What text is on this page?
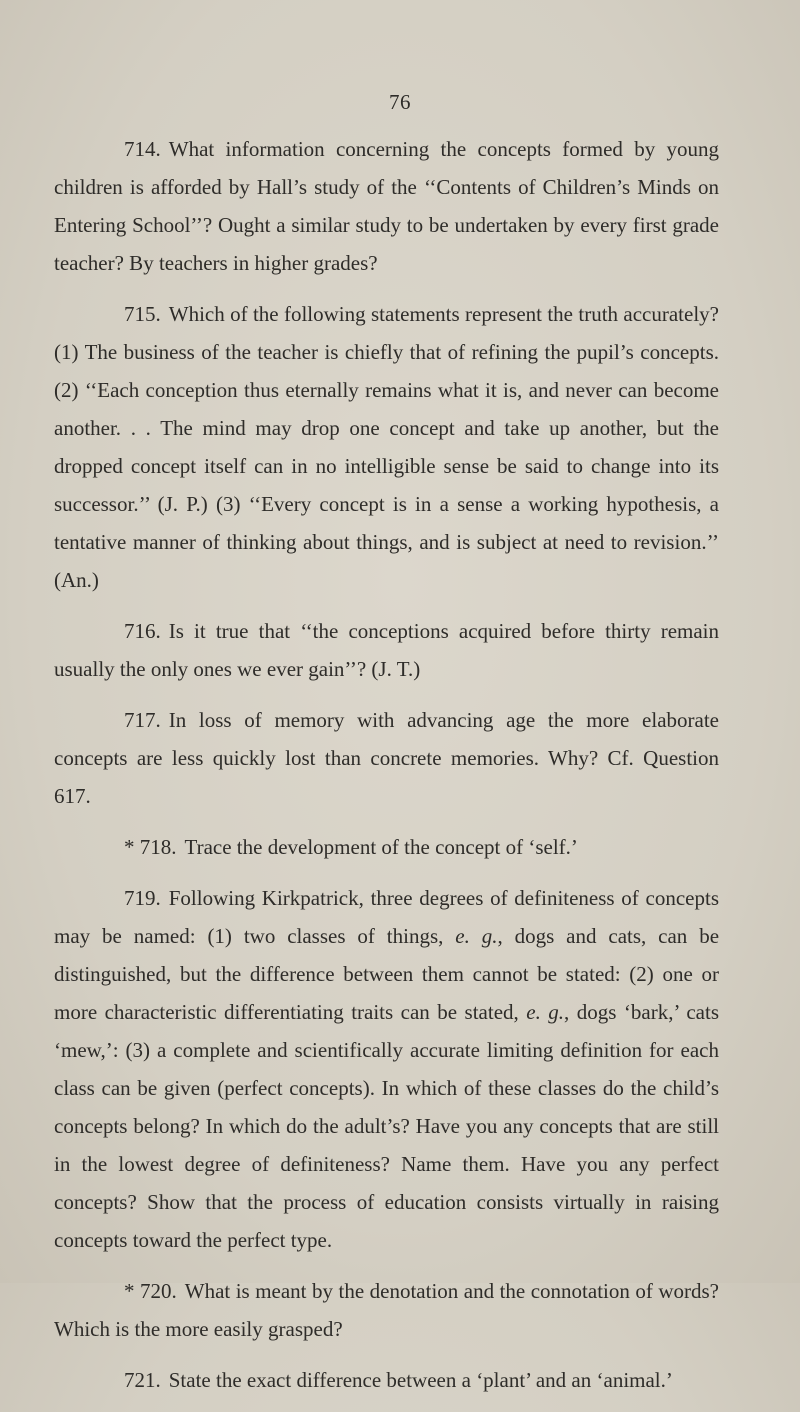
76

714. What information concerning the concepts formed by young children is afforded by Hall’s study of the ‘‘Contents of Children’s Minds on Entering School’’? Ought a similar study to be undertaken by every first grade teacher? By teachers in higher grades?

715. Which of the following statements represent the truth accurately? (1) The business of the teacher is chiefly that of refining the pupil’s concepts. (2) ‘‘Each conception thus eternally remains what it is, and never can become another. . . The mind may drop one concept and take up another, but the dropped concept itself can in no intelligible sense be said to change into its successor.’’ (J. P.) (3) ‘‘Every concept is in a sense a working hypothesis, a tentative manner of thinking about things, and is subject at need to revision.’’ (An.)

716. Is it true that ‘‘the conceptions acquired before thirty remain usually the only ones we ever gain’’? (J. T.)

717. In loss of memory with advancing age the more elaborate concepts are less quickly lost than concrete memories. Why? Cf. Question 617.

* 718. Trace the development of the concept of ‘self.’

719. Following Kirkpatrick, three degrees of definiteness of concepts may be named: (1) two classes of things, e. g., dogs and cats, can be distinguished, but the difference between them cannot be stated: (2) one or more characteristic differentiating traits can be stated, e. g., dogs ‘bark,’ cats ‘mew,’: (3) a complete and scientifically accurate limiting definition for each class can be given (perfect concepts). In which of these classes do the child’s concepts belong? In which do the adult’s? Have you any concepts that are still in the lowest degree of definiteness? Name them. Have you any perfect concepts? Show that the process of education consists virtually in raising concepts toward the perfect type.

* 720. What is meant by the denotation and the connotation of words? Which is the more easily grasped?

721. State the exact difference between a ‘plant’ and an ‘animal.’
